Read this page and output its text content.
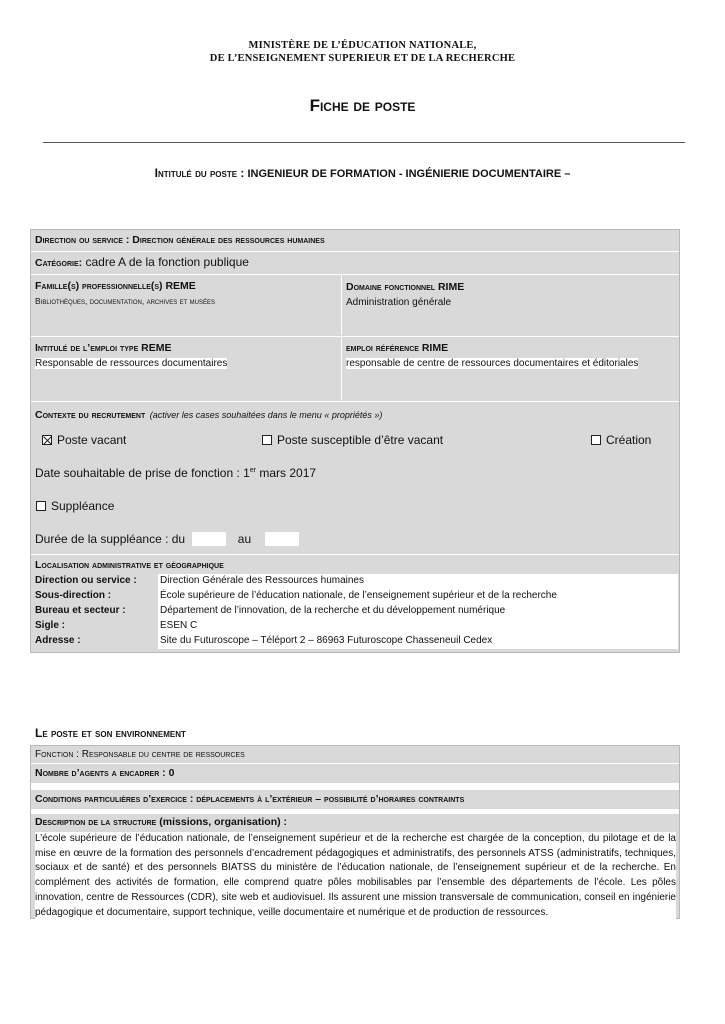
MINISTÈRE DE L’ÉDUCATION NATIONALE,
DE L’ENSEIGNEMENT SUPERIEUR ET DE LA RECHERCHE
Fiche de poste
Intitulé du poste : INGENIEUR DE FORMATION - INGÉNIERIE DOCUMENTAIRE –
Direction ou service : Direction générale des ressources humaines
Catégorie: cadre A de la fonction publique
Famille(s) professionnelle(s) REME
Bibliothèques, documentation, archives et musées
Domaine fonctionnel RIME
Administration générale
Intitulé de l’emploi type REME
Responsable de ressources documentaires
emploi référence RIME
responsable de centre de ressources documentaires et éditoriales
Contexte du recrutement (activer les cases souhaitées dans le menu « propriétés »)
Poste vacant	Poste susceptible d’être vacant	Création
Date souhaitable de prise de fonction : 1er mars 2017
Suppléance
Durée de la suppléance : du	au
Localisation administrative et géographique
Direction ou service : Direction Générale des Ressources humaines
Sous-direction :	École supérieure de l’éducation nationale, de l’enseignement supérieur et de la recherche
Bureau et secteur :	Département de l’innovation, de la recherche et du développement numérique
Sigle :	ESEN C
Adresse :	Site du Futuroscope – Téléport 2 – 86963 Futuroscope Chasseneuil Cedex
Le poste et son environnement
Fonction : Responsable du centre de ressources
Nombre d’agents a encadrer : 0
Conditions particulières d’exercice : déplacements à l’extérieur – possibilité d’horaires contraints
Description de la structure (missions, organisation) :
L’école supérieure de l’éducation nationale, de l’enseignement supérieur et de la recherche est chargée de la conception, du pilotage et de la mise en œuvre de la formation des personnels d’encadrement pédagogiques et administratifs, des personnels ATSS (administratifs, techniques, sociaux et de santé) et des personnels BIATSS du ministère de l’éducation nationale, de l’enseignement supérieur et de la recherche. En complément des activités de formation, elle comprend quatre pôles mobilisables par l’ensemble des départements de l’école. Les pôles innovation, centre de Ressources (CDR), site web et audiovisuel. Ils assurent une mission transversale de communication, conseil en ingénierie pédagogique et documentaire, support technique, veille documentaire et numérique et de production de ressources.
